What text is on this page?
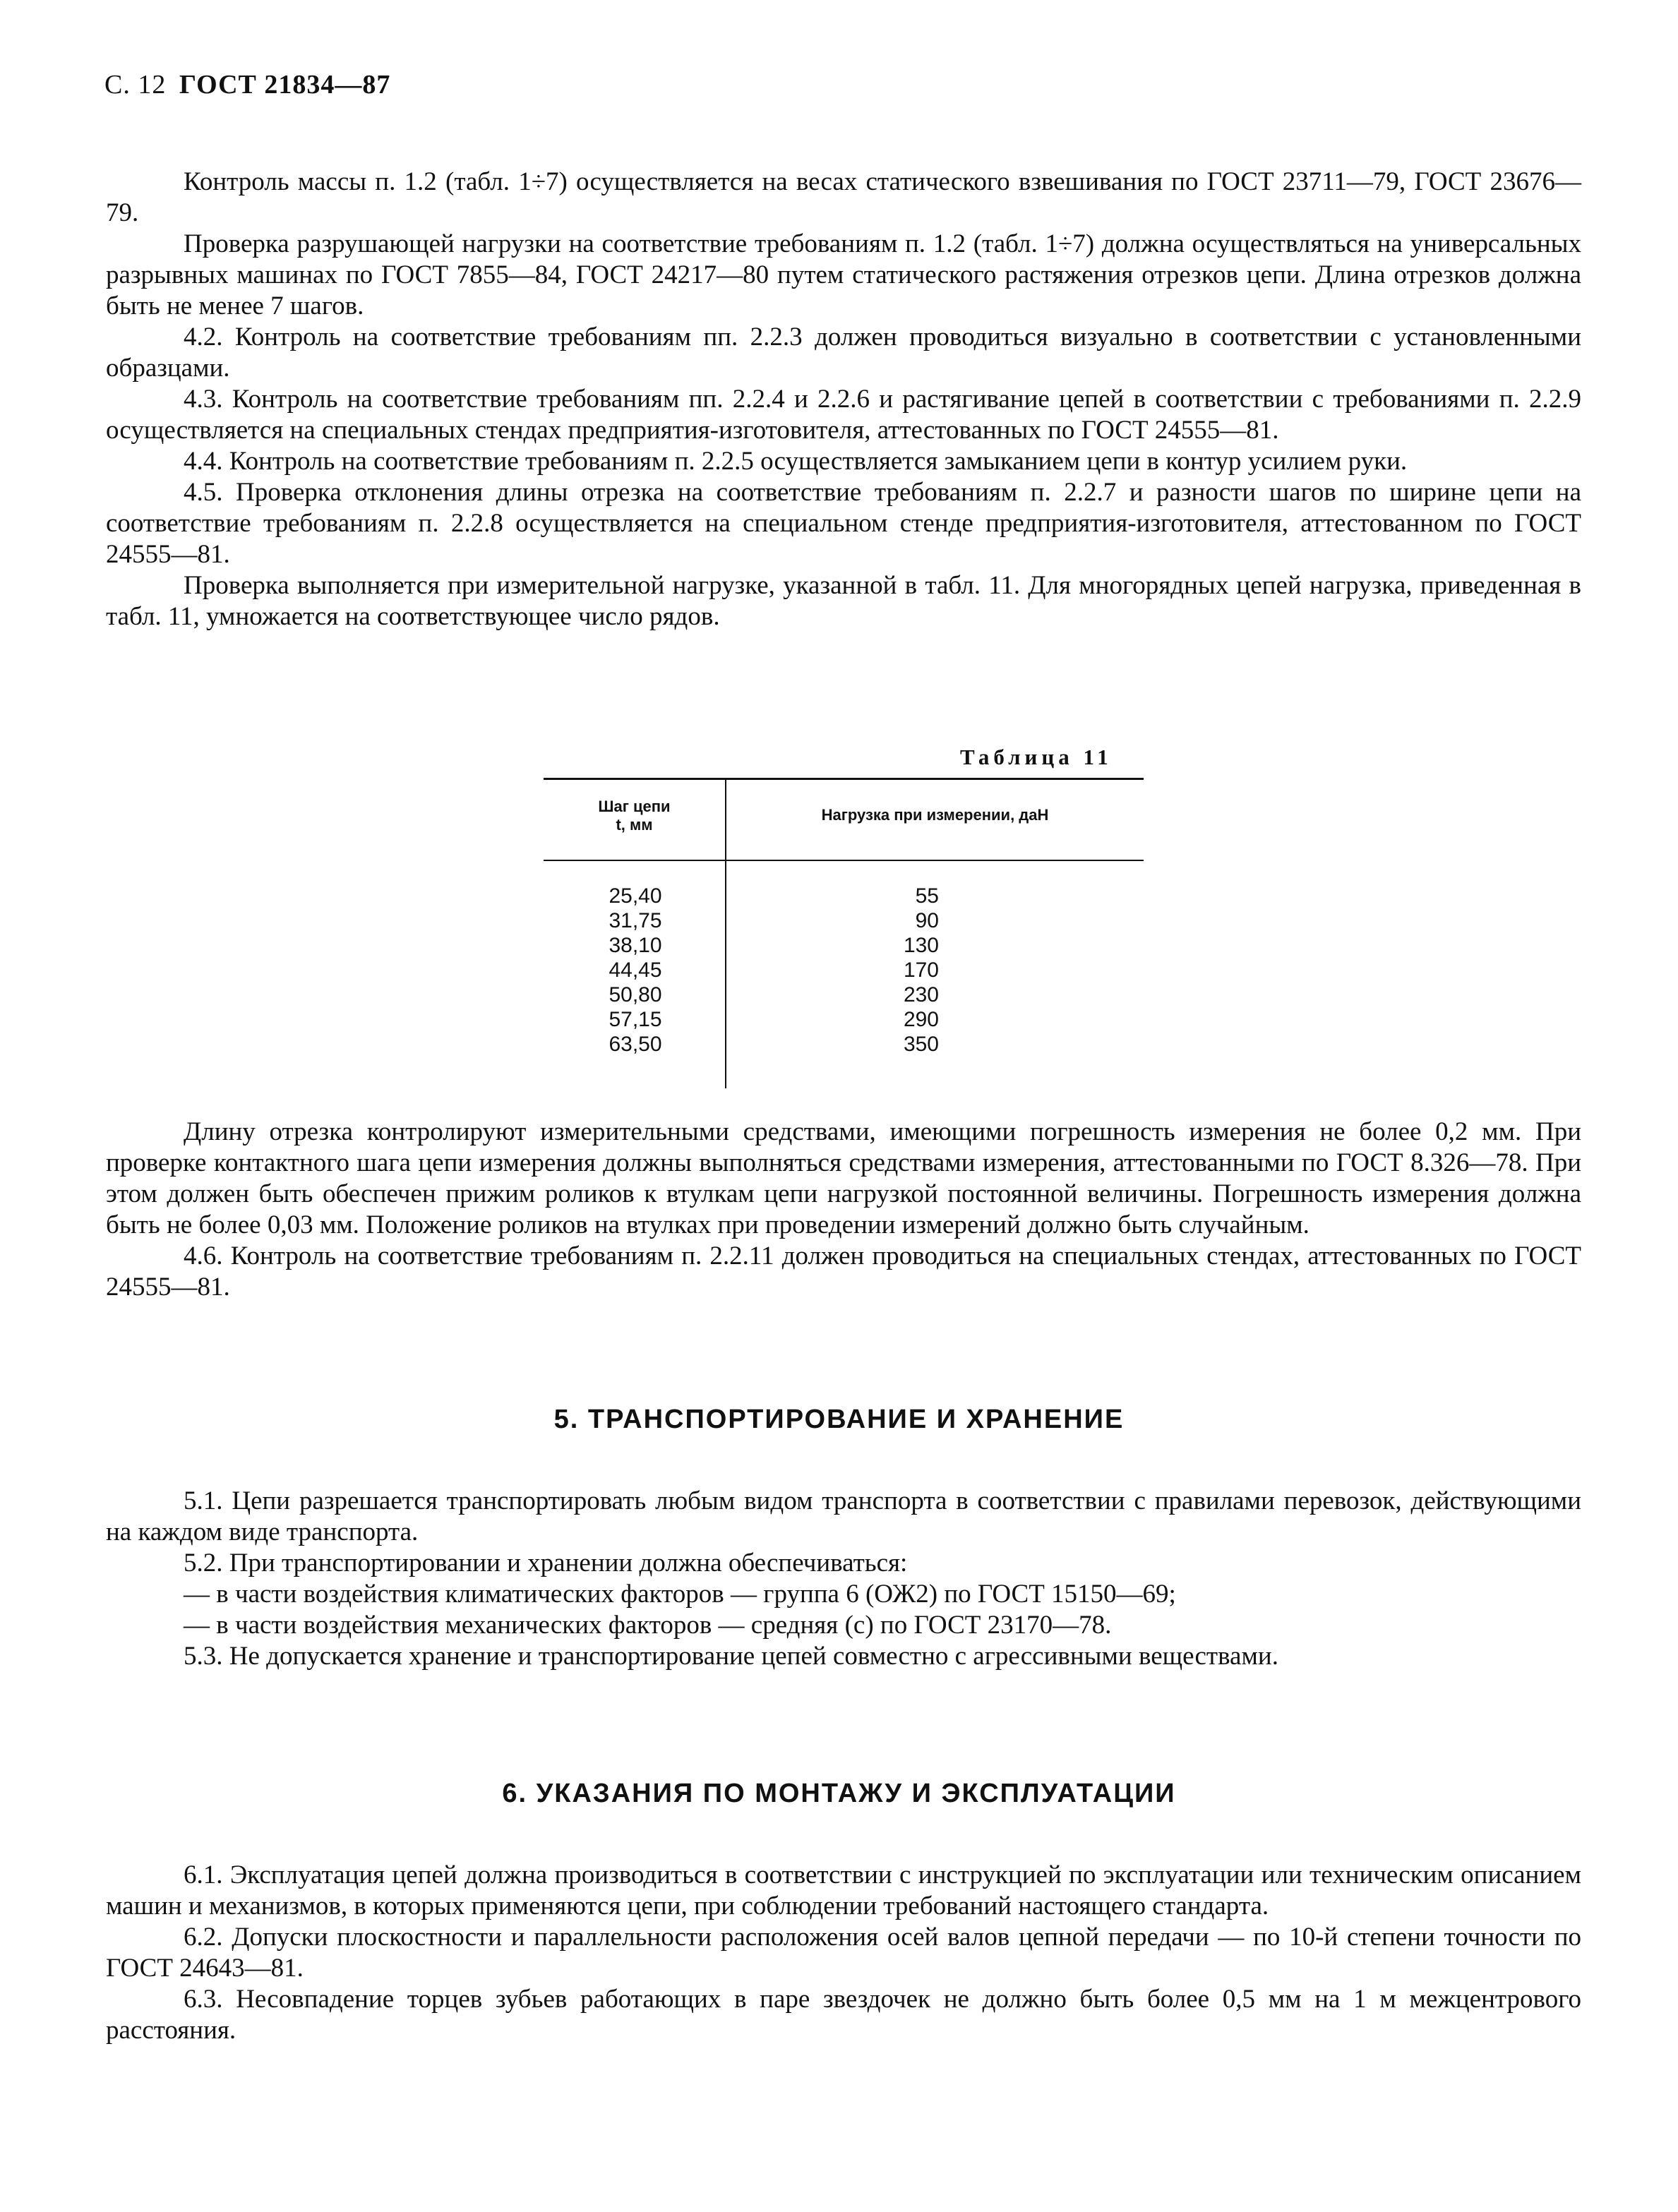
С. 12 ГОСТ 21834—87

Контроль массы п. 1.2 (табл. 1÷7) осуществляется на весах статического взвешивания по ГОСТ 23711—79, ГОСТ 23676—79.

Проверка разрушающей нагрузки на соответствие требованиям п. 1.2 (табл. 1÷7) должна осуществляться на универсальных разрывных машинах по ГОСТ 7855—84, ГОСТ 24217—80 путем статического растяжения отрезков цепи. Длина отрезков должна быть не менее 7 шагов.

4.2. Контроль на соответствие требованиям пп. 2.2.3 должен проводиться визуально в соответствии с установленными образцами.

4.3. Контроль на соответствие требованиям пп. 2.2.4 и 2.2.6 и растягивание цепей в соответствии с требованиями п. 2.2.9 осуществляется на специальных стендах предприятия-изготовителя, аттестованных по ГОСТ 24555—81.

4.4. Контроль на соответствие требованиям п. 2.2.5 осуществляется замыканием цепи в контур усилием руки.

4.5. Проверка отклонения длины отрезка на соответствие требованиям п. 2.2.7 и разности шагов по ширине цепи на соответствие требованиям п. 2.2.8 осуществляется на специальном стенде предприятия-изготовителя, аттестованном по ГОСТ 24555—81.

Проверка выполняется при измерительной нагрузке, указанной в табл. 11. Для многорядных цепей нагрузка, приведенная в табл. 11, умножается на соответствующее число рядов.

Таблица 11
Шаг цепи
t, мм
Нагрузка при измерении, даН
25,40
31,75
38,10
44,45
50,80
57,15
63,50
55
90
130
170
230
290
350

Длину отрезка контролируют измерительными средствами, имеющими погрешность измерения не более 0,2 мм. При проверке контактного шага цепи измерения должны выполняться средствами измерения, аттестованными по ГОСТ 8.326—78. При этом должен быть обеспечен прижим роликов к втулкам цепи нагрузкой постоянной величины. Погрешность измерения должна быть не более 0,03 мм. Положение роликов на втулках при проведении измерений должно быть случайным.

4.6. Контроль на соответствие требованиям п. 2.2.11 должен проводиться на специальных стендах, аттестованных по ГОСТ 24555—81.

5. ТРАНСПОРТИРОВАНИЕ И ХРАНЕНИЕ

5.1. Цепи разрешается транспортировать любым видом транспорта в соответствии с правилами перевозок, действующими на каждом виде транспорта.

5.2. При транспортировании и хранении должна обеспечиваться:

— в части воздействия климатических факторов — группа 6 (ОЖ2) по ГОСТ 15150—69;

— в части воздействия механических факторов — средняя (с) по ГОСТ 23170—78.

5.3. Не допускается хранение и транспортирование цепей совместно с агрессивными веществами.

6. УКАЗАНИЯ ПО МОНТАЖУ И ЭКСПЛУАТАЦИИ

6.1. Эксплуатация цепей должна производиться в соответствии с инструкцией по эксплуатации или техническим описанием машин и механизмов, в которых применяются цепи, при соблюдении требований настоящего стандарта.

6.2. Допуски плоскостности и параллельности расположения осей валов цепной передачи — по 10-й степени точности по ГОСТ 24643—81.

6.3. Несовпадение торцев зубьев работающих в паре звездочек не должно быть более 0,5 мм на 1 м межцентрового расстояния.
